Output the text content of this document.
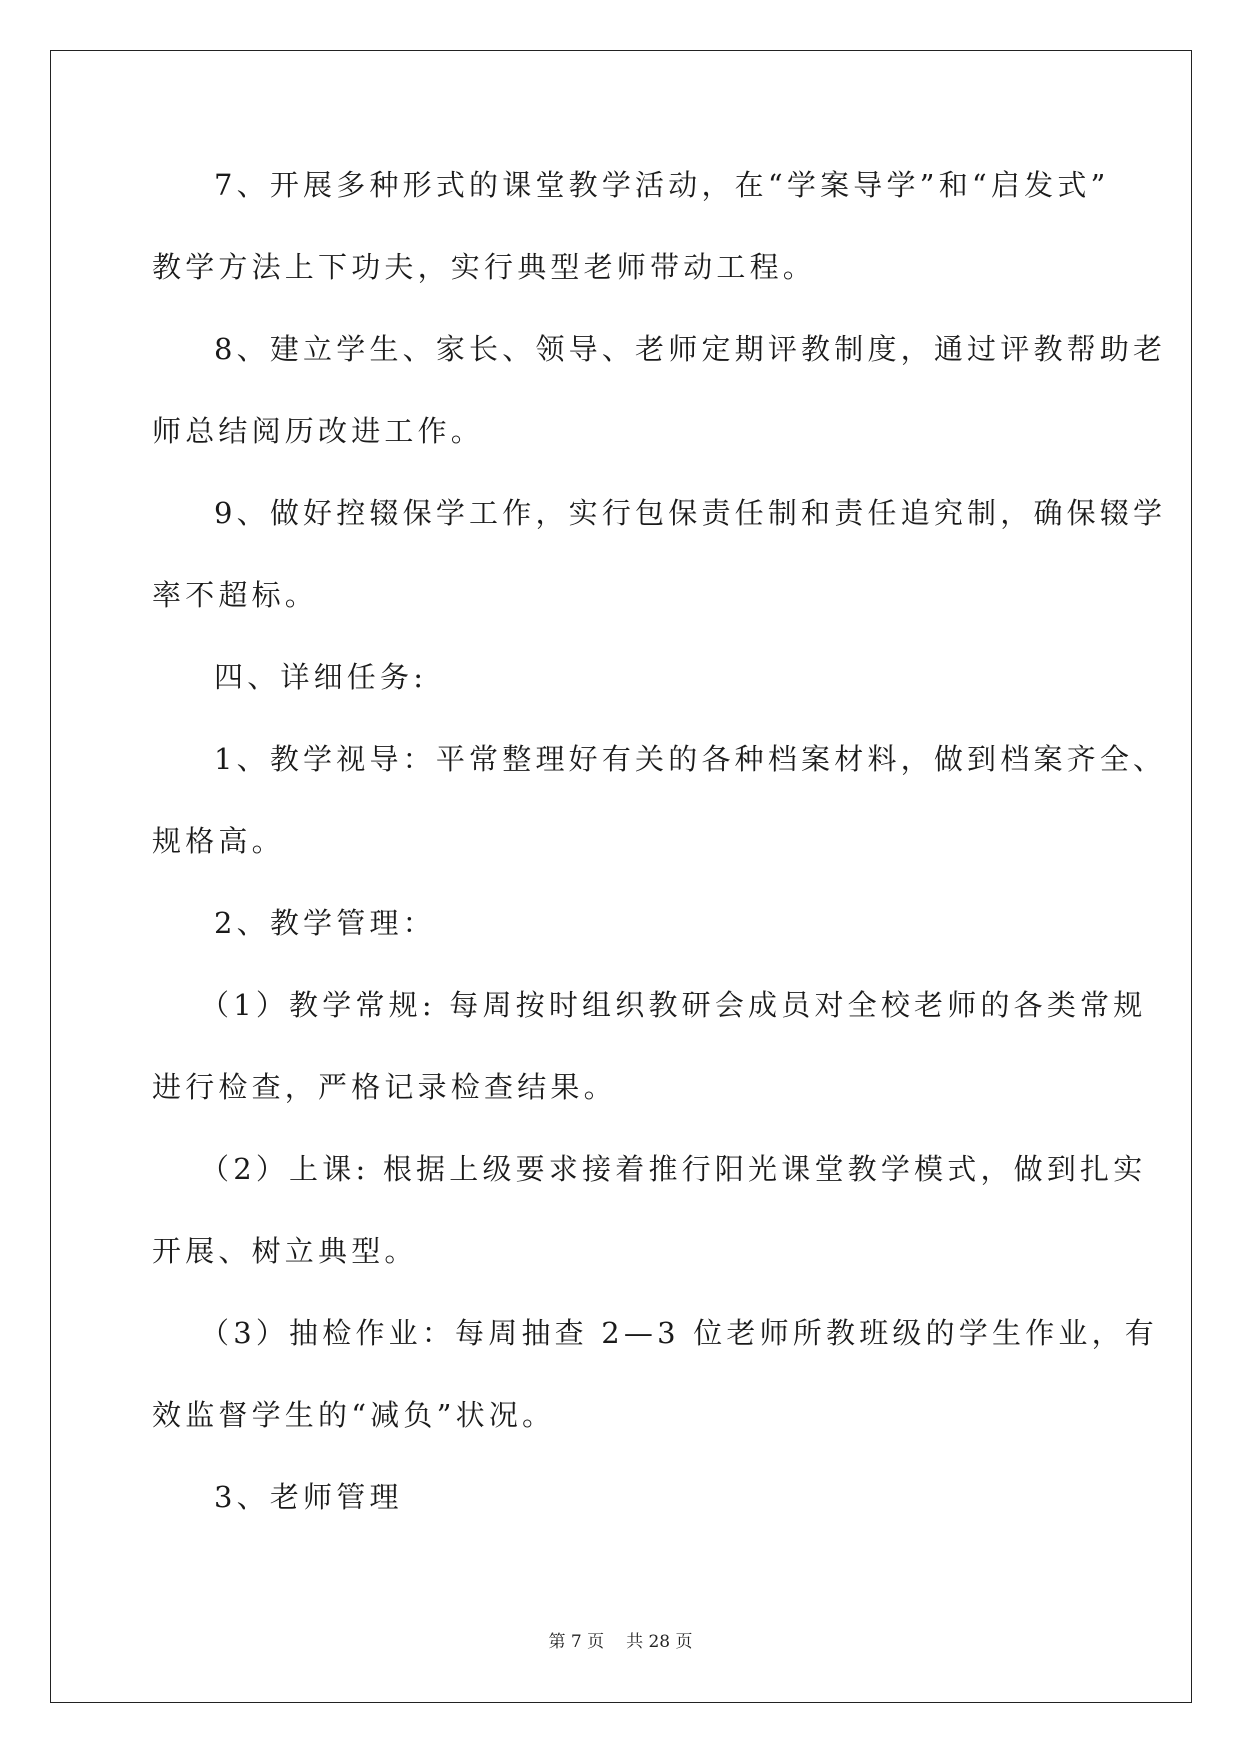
7、开展多种形式的课堂教学活动，在“学案导学”和“启发式”
教学方法上下功夫，实行典型老师带动工程。
8、建立学生、家长、领导、老师定期评教制度，通过评教帮助老
师总结阅历改进工作。
9、做好控辍保学工作，实行包保责任制和责任追究制，确保辍学
率不超标。
四、详细任务:
1、教学视导：平常整理好有关的各种档案材料，做到档案齐全、
规格高。
2、教学管理：
（1）教学常规: 每周按时组织教研会成员对全校老师的各类常规
进行检查，严格记录检查结果。
（2）上课: 根据上级要求接着推行阳光课堂教学模式，做到扎实
开展、树立典型。
（3）抽检作业：每周抽查 2—3 位老师所教班级的学生作业，有
效监督学生的“减负”状况。
3、老师管理
第 7 页 共 28 页
